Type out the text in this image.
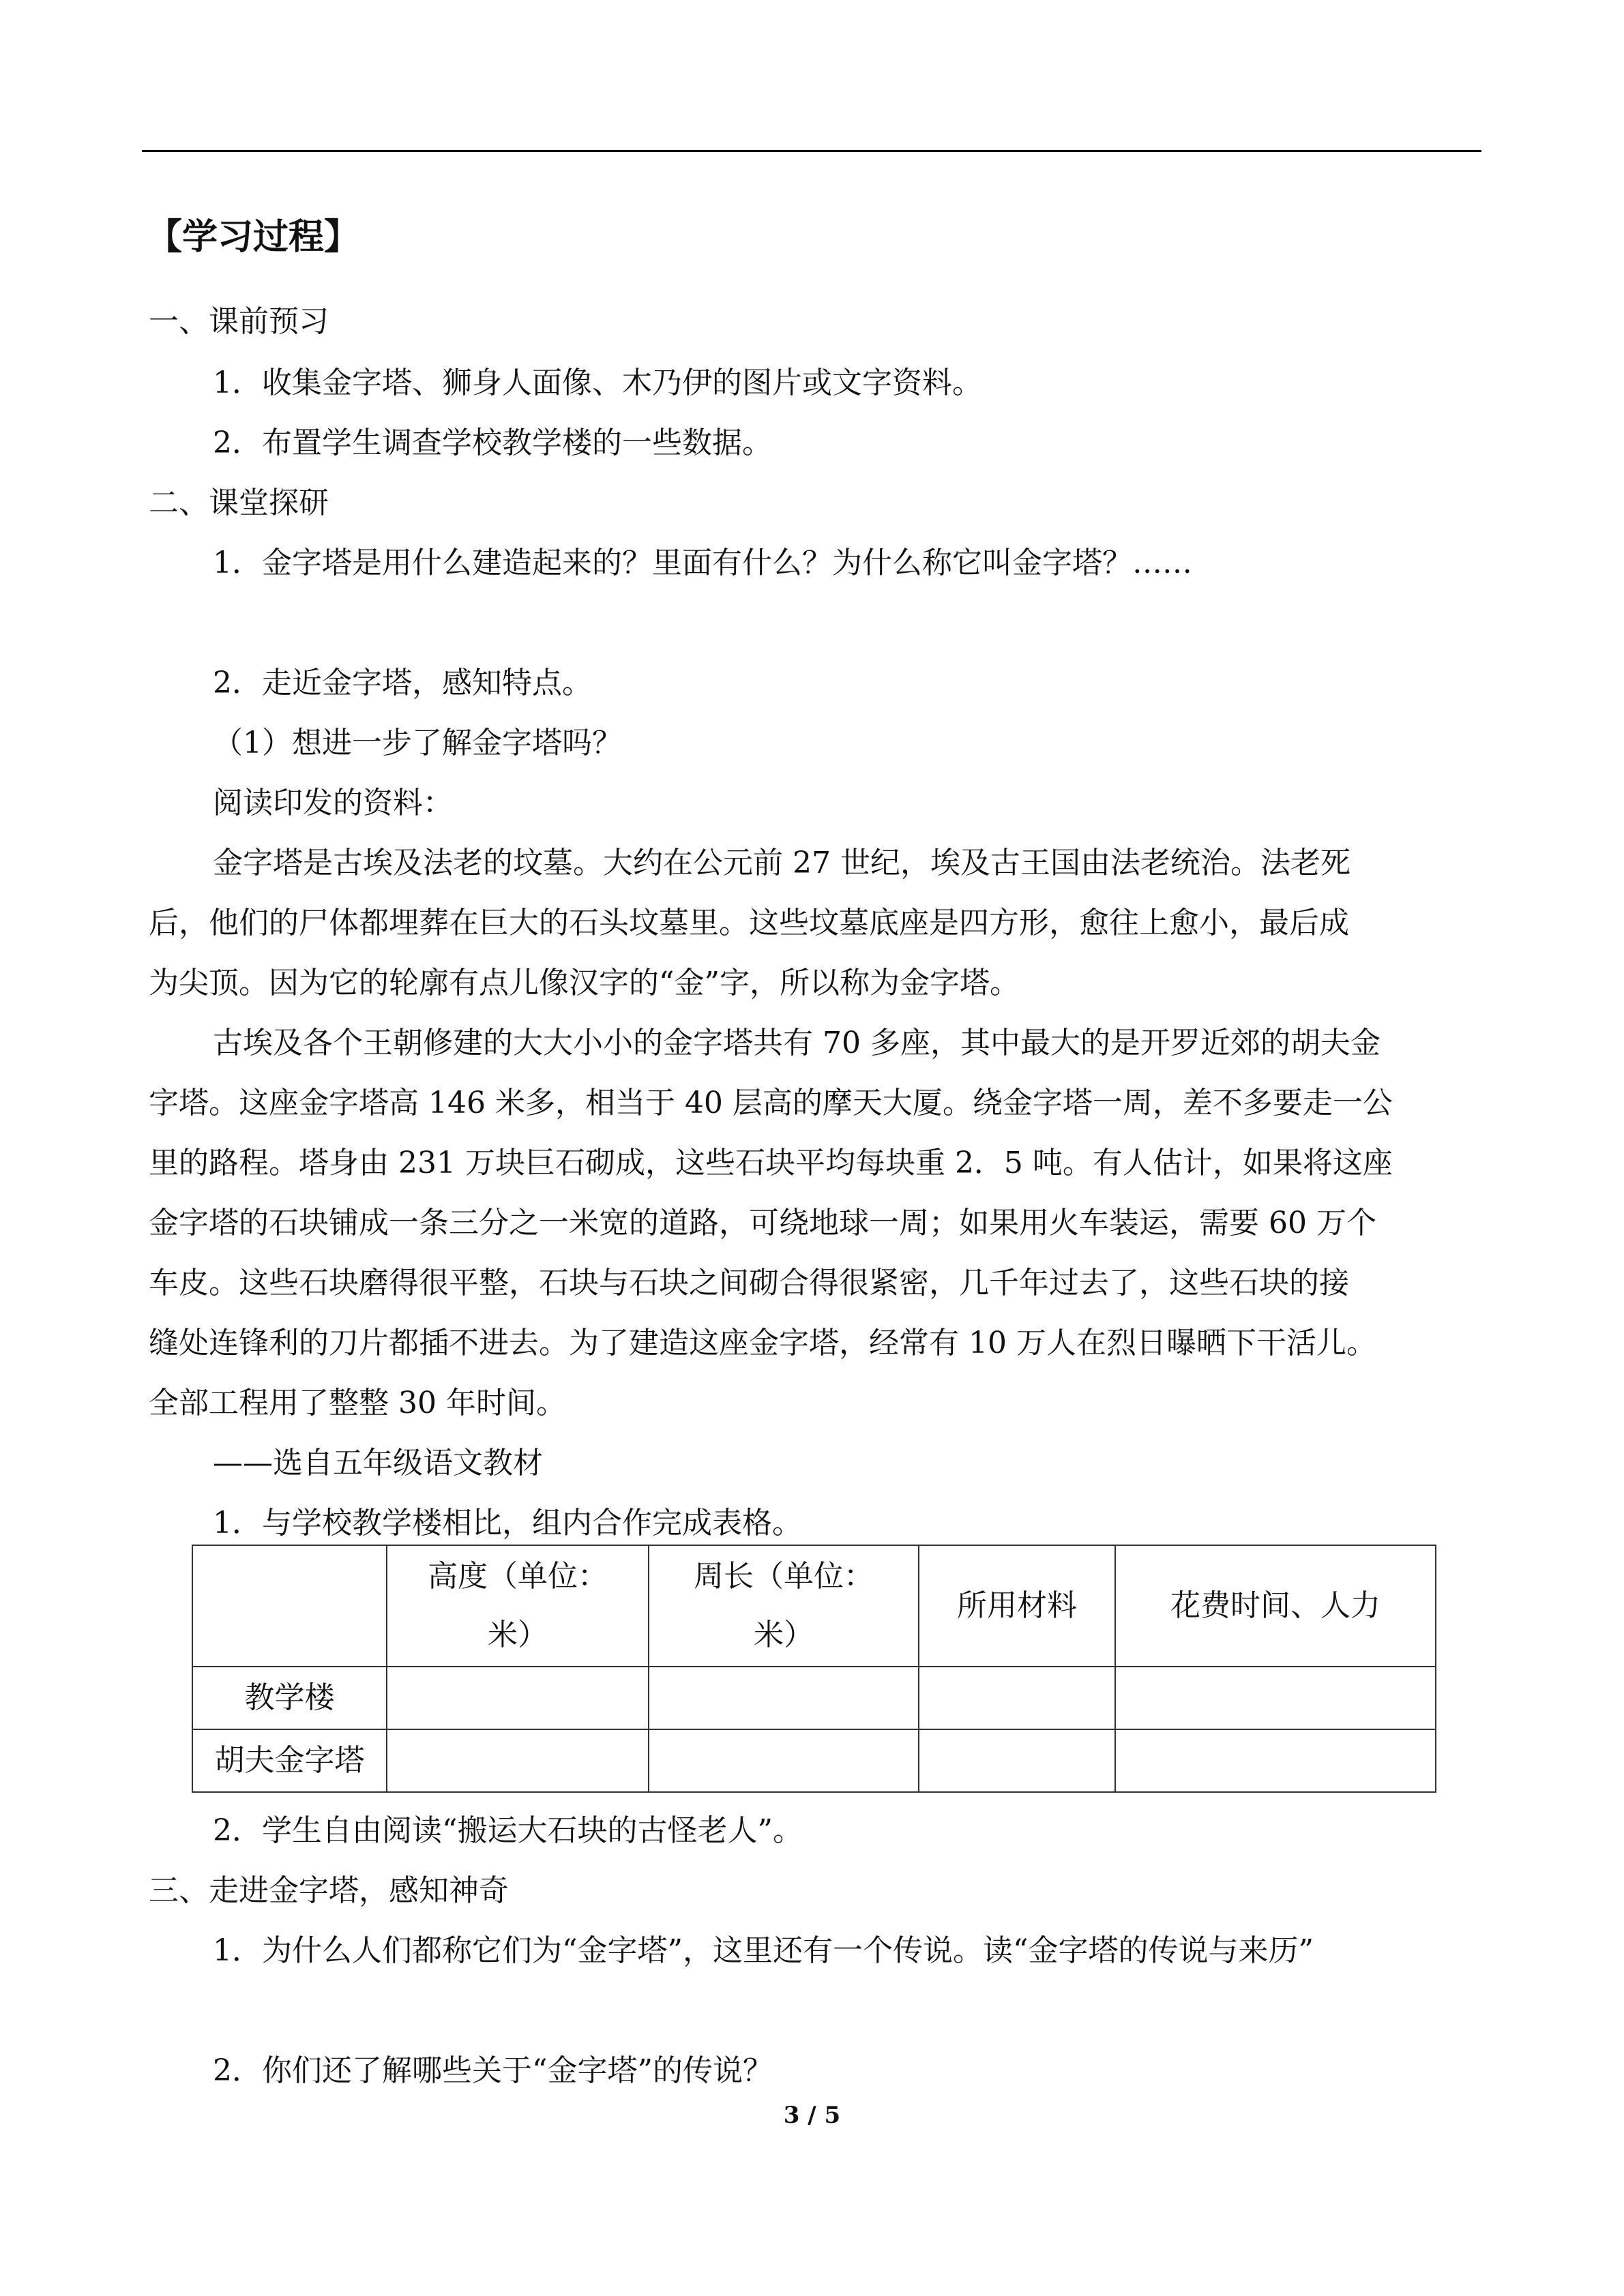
【学习过程】
一、课前预习
1．收集金字塔、狮身人面像、木乃伊的图片或文字资料。
2．布置学生调查学校教学楼的一些数据。
二、课堂探研
1．金字塔是用什么建造起来的？里面有什么？为什么称它叫金字塔？……
2．走近金字塔，感知特点。
（1）想进一步了解金字塔吗？
阅读印发的资料：
金字塔是古埃及法老的坟墓。大约在公元前 27 世纪，埃及古王国由法老统治。法老死
后，他们的尸体都埋葬在巨大的石头坟墓里。这些坟墓底座是四方形，愈往上愈小，最后成
为尖顶。因为它的轮廓有点儿像汉字的“金”字，所以称为金字塔。
古埃及各个王朝修建的大大小小的金字塔共有 70 多座，其中最大的是开罗近郊的胡夫金
字塔。这座金字塔高 146 米多，相当于 40 层高的摩天大厦。绕金字塔一周，差不多要走一公
里的路程。塔身由 231 万块巨石砌成，这些石块平均每块重 2．5 吨。有人估计，如果将这座
金字塔的石块铺成一条三分之一米宽的道路，可绕地球一周；如果用火车装运，需要 60 万个
车皮。这些石块磨得很平整，石块与石块之间砌合得很紧密，几千年过去了，这些石块的接
缝处连锋利的刀片都插不进去。为了建造这座金字塔，经常有 10 万人在烈日曝晒下干活儿。
全部工程用了整整 30 年时间。
——选自五年级语文教材
1．与学校教学楼相比，组内合作完成表格。
	高度（单位：米）	周长（单位：米）	所用材料	花费时间、人力
教学楼				
胡夫金字塔				
2．学生自由阅读“搬运大石块的古怪老人”。
三、走进金字塔，感知神奇
1．为什么人们都称它们为“金字塔”，这里还有一个传说。读“金字塔的传说与来历”
2．你们还了解哪些关于“金字塔”的传说？
3 / 5
